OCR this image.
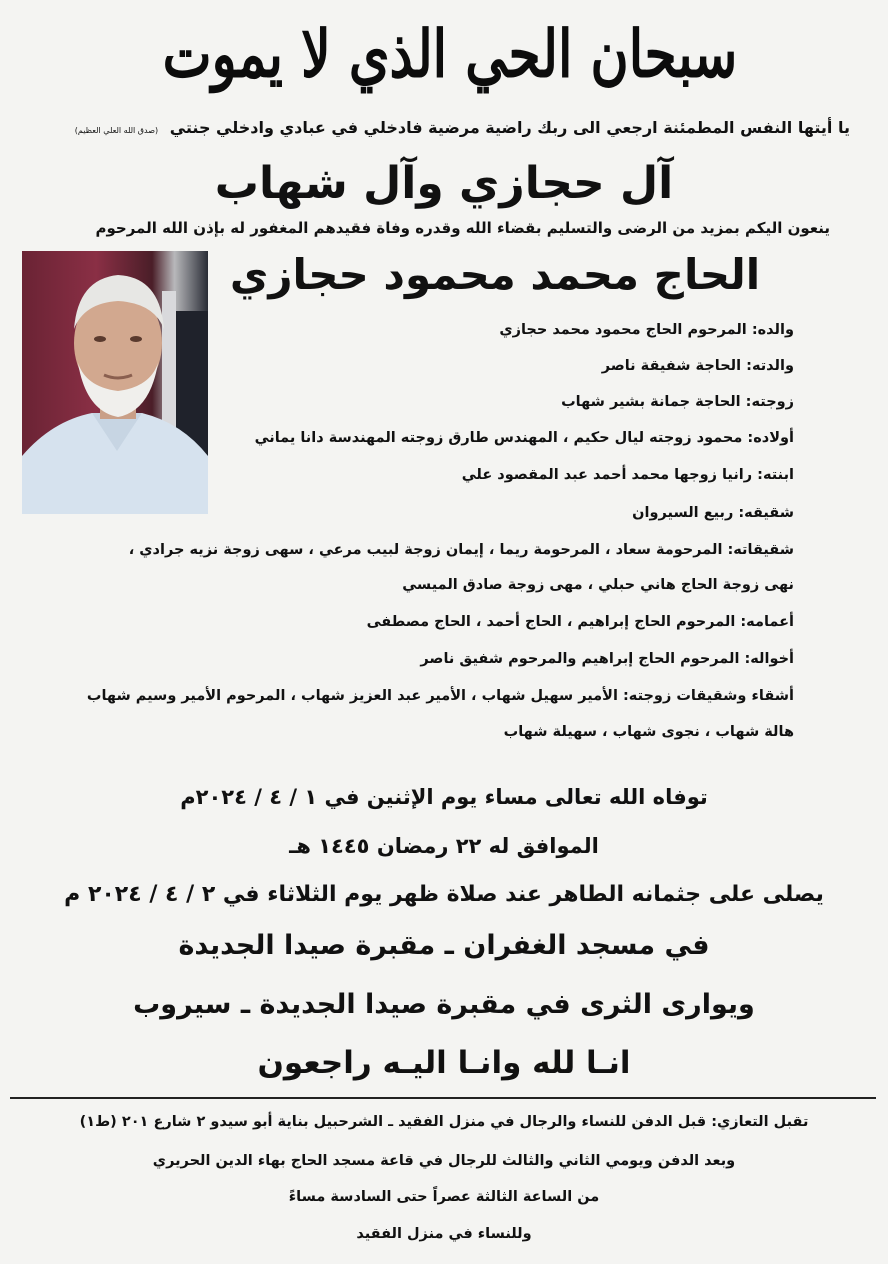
سبحان الحي الذي لا يموت
يا أيتها النفس المطمئنة ارجعي الى ربك راضية مرضية فادخلي في عبادي وادخلي جنتي (صدق الله العلي العظيم)
آل حجازي وآل شهاب
ينعون اليكم بمزيد من الرضى والتسليم بقضاء الله وقدره وفاة فقيدهم المغفور له بإذن الله المرحوم
الحاج محمد محمود حجازي
والده: المرحوم الحاج محمود محمد حجازي
والدته: الحاجة شفيقة ناصر
زوجته: الحاجة جمانة بشير شهاب
أولاده: محمود زوجته ليال حكيم ، المهندس طارق زوجته المهندسة دانا يماني
ابنته: رانيا زوجها محمد أحمد عبد المقصود علي
شقيقه: ربيع السيروان
شقيقاته: المرحومة سعاد ، المرحومة ريما ، إيمان زوجة لبيب مرعي ، سهى زوجة نزيه جرادي ،
نهى زوجة الحاج هاني حبلي ، مهى زوجة صادق الميسي
أعمامه: المرحوم الحاج إبراهيم ، الحاج أحمد ، الحاج مصطفى
أخواله: المرحوم الحاج إبراهيم والمرحوم شفيق ناصر
أشقاء وشقيقات زوجته: الأمير سهيل شهاب ، الأمير عبد العزيز شهاب ، المرحوم الأمير وسيم شهاب
هالة شهاب ، نجوى شهاب ، سهيلة شهاب
توفاه الله تعالى مساء يوم الإثنين في ١ / ٤ / ٢٠٢٤م
الموافق له ٢٢ رمضان ١٤٤٥ هـ
يصلى على جثمانه الطاهر عند صلاة ظهر يوم الثلاثاء في ٢ / ٤ / ٢٠٢٤ م
في مسجد الغفران ـ مقبرة صيدا الجديدة
ويوارى الثرى في مقبرة صيدا الجديدة ـ سيروب
انـا لله وانـا اليـه راجعون
تقبل التعازي: قبل الدفن للنساء والرجال في منزل الفقيد ـ الشرحبيل بناية أبو سيدو ٢ شارع ٢٠١ (ط١)
وبعد الدفن ويومي الثاني والثالث للرجال في قاعة مسجد الحاج بهاء الدين الحريري
من الساعة الثالثة عصراً حتى السادسة مساءً
وللنساء في منزل الفقيد
